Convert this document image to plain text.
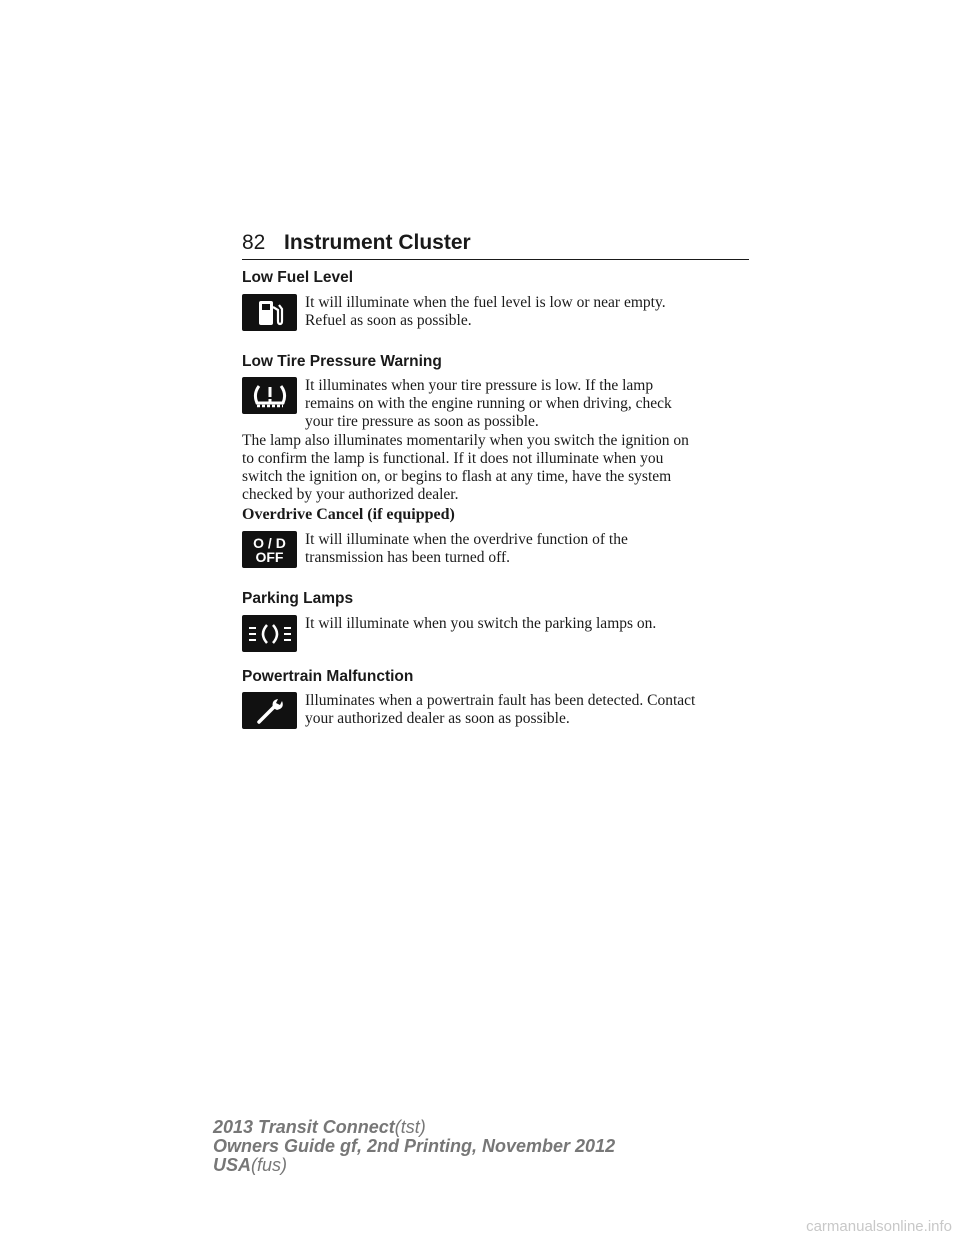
82 Instrument Cluster
Low Fuel Level
It will illuminate when the fuel level is low or near empty.
Refuel as soon as possible.
Low Tire Pressure Warning
It illuminates when your tire pressure is low. If the lamp
remains on with the engine running or when driving, check
your tire pressure as soon as possible.
The lamp also illuminates momentarily when you switch the ignition on
to confirm the lamp is functional. If it does not illuminate when you
switch the ignition on, or begins to flash at any time, have the system
checked by your authorized dealer.
Overdrive Cancel (if equipped)
O / D
OFF
It will illuminate when the overdrive function of the
transmission has been turned off.
Parking Lamps
It will illuminate when you switch the parking lamps on.
Powertrain Malfunction
Illuminates when a powertrain fault has been detected. Contact
your authorized dealer as soon as possible.
2013 Transit Connect(tst)
Owners Guide gf, 2nd Printing, November 2012
USA(fus)
carmanualsonline.info
